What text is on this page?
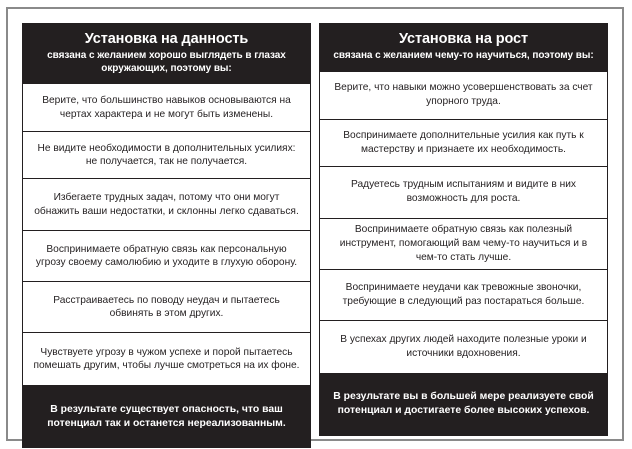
Установка на данность
связана с желанием хорошо выглядеть в глазах окружающих, поэтому вы:
Верите, что большинство навыков основываются на чертах характера и не могут быть изменены.
Не видите необходимости в дополнительных усилиях: не получается, так не получается.
Избегаете трудных задач, потому что они могут обнажить ваши недостатки, и склонны легко сдаваться.
Воспринимаете обратную связь как персональную угрозу своему самолюбию и уходите в глухую оборону.
Расстраиваетесь по поводу неудач и пытаетесь обвинять в этом других.
Чувствуете угрозу в чужом успехе и порой пытаетесь помешать другим, чтобы лучше смотреться на их фоне.
В результате существует опасность, что ваш потенциал так и останется нереализованным.
Установка на рост
связана с желанием чему-то научиться, поэтому вы:
Верите, что навыки можно усовершенствовать за счет упорного труда.
Воспринимаете дополнительные усилия как путь к мастерству и признаете их необходимость.
Радуетесь трудным испытаниям и видите в них возможность для роста.
Воспринимаете обратную связь как полезный инструмент, помогающий вам чему-то научиться и в чем-то стать лучше.
Воспринимаете неудачи как тревожные звоночки, требующие в следующий раз постараться больше.
В успехах других людей находите полезные уроки и источники вдохновения.
В результате вы в большей мере реализуете свой потенциал и достигаете более высоких успехов.
